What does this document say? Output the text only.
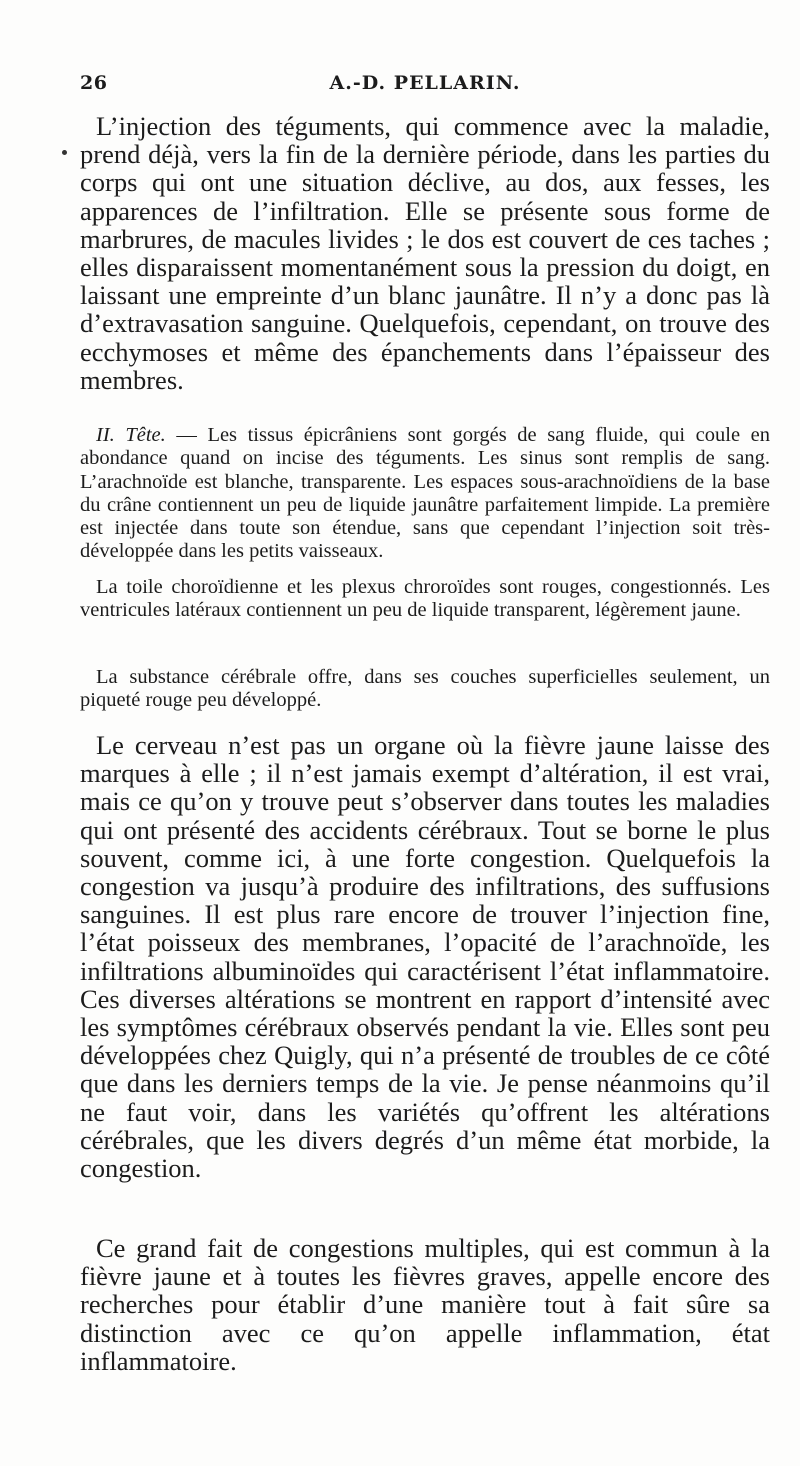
26	A.-D. PELLARIN.

L’injection des téguments, qui commence avec la maladie, prend déjà, vers la fin de la dernière période, dans les parties du corps qui ont une situation déclive, au dos, aux fesses, les apparences de l’infiltration. Elle se présente sous forme de marbrures, de macules livides ; le dos est couvert de ces taches ; elles disparaissent momentanément sous la pression du doigt, en laissant une empreinte d’un blanc jaunâtre. Il n’y a donc pas là d’extravasation sanguine. Quelquefois, cependant, on trouve des ecchymoses et même des épanchements dans l’épaisseur des membres.

II. Tête. — Les tissus épicrâniens sont gorgés de sang fluide, qui coule en abondance quand on incise des téguments. Les sinus sont remplis de sang. L’arachnoïde est blanche, transparente. Les espaces sous-arachnoïdiens de la base du crâne contiennent un peu de liquide jaunâtre parfaitement limpide. La première est injectée dans toute son étendue, sans que cependant l’injection soit très-développée dans les petits vaisseaux.

La toile choroïdienne et les plexus chroroïdes sont rouges, congestionnés. Les ventricules latéraux contiennent un peu de liquide transparent, légèrement jaune.

La substance cérébrale offre, dans ses couches superficielles seulement, un piqueté rouge peu développé.

Le cerveau n’est pas un organe où la fièvre jaune laisse des marques à elle ; il n’est jamais exempt d’altération, il est vrai, mais ce qu’on y trouve peut s’observer dans toutes les maladies qui ont présenté des accidents cérébraux. Tout se borne le plus souvent, comme ici, à une forte congestion. Quelquefois la congestion va jusqu’à produire des infiltrations, des suffusions sanguines. Il est plus rare encore de trouver l’injection fine, l’état poisseux des membranes, l’opacité de l’arachnoïde, les infiltrations albuminoïdes qui caractérisent l’état inflammatoire. Ces diverses altérations se montrent en rapport d’intensité avec les symptômes cérébraux observés pendant la vie. Elles sont peu développées chez Quigly, qui n’a présenté de troubles de ce côté que dans les derniers temps de la vie. Je pense néanmoins qu’il ne faut voir, dans les variétés qu’offrent les altérations cérébrales, que les divers degrés d’un même état morbide, la congestion.

Ce grand fait de congestions multiples, qui est commun à la fièvre jaune et à toutes les fièvres graves, appelle encore des recherches pour établir d’une manière tout à fait sûre sa distinction avec ce qu’on appelle inflammation, état inflammatoire.
